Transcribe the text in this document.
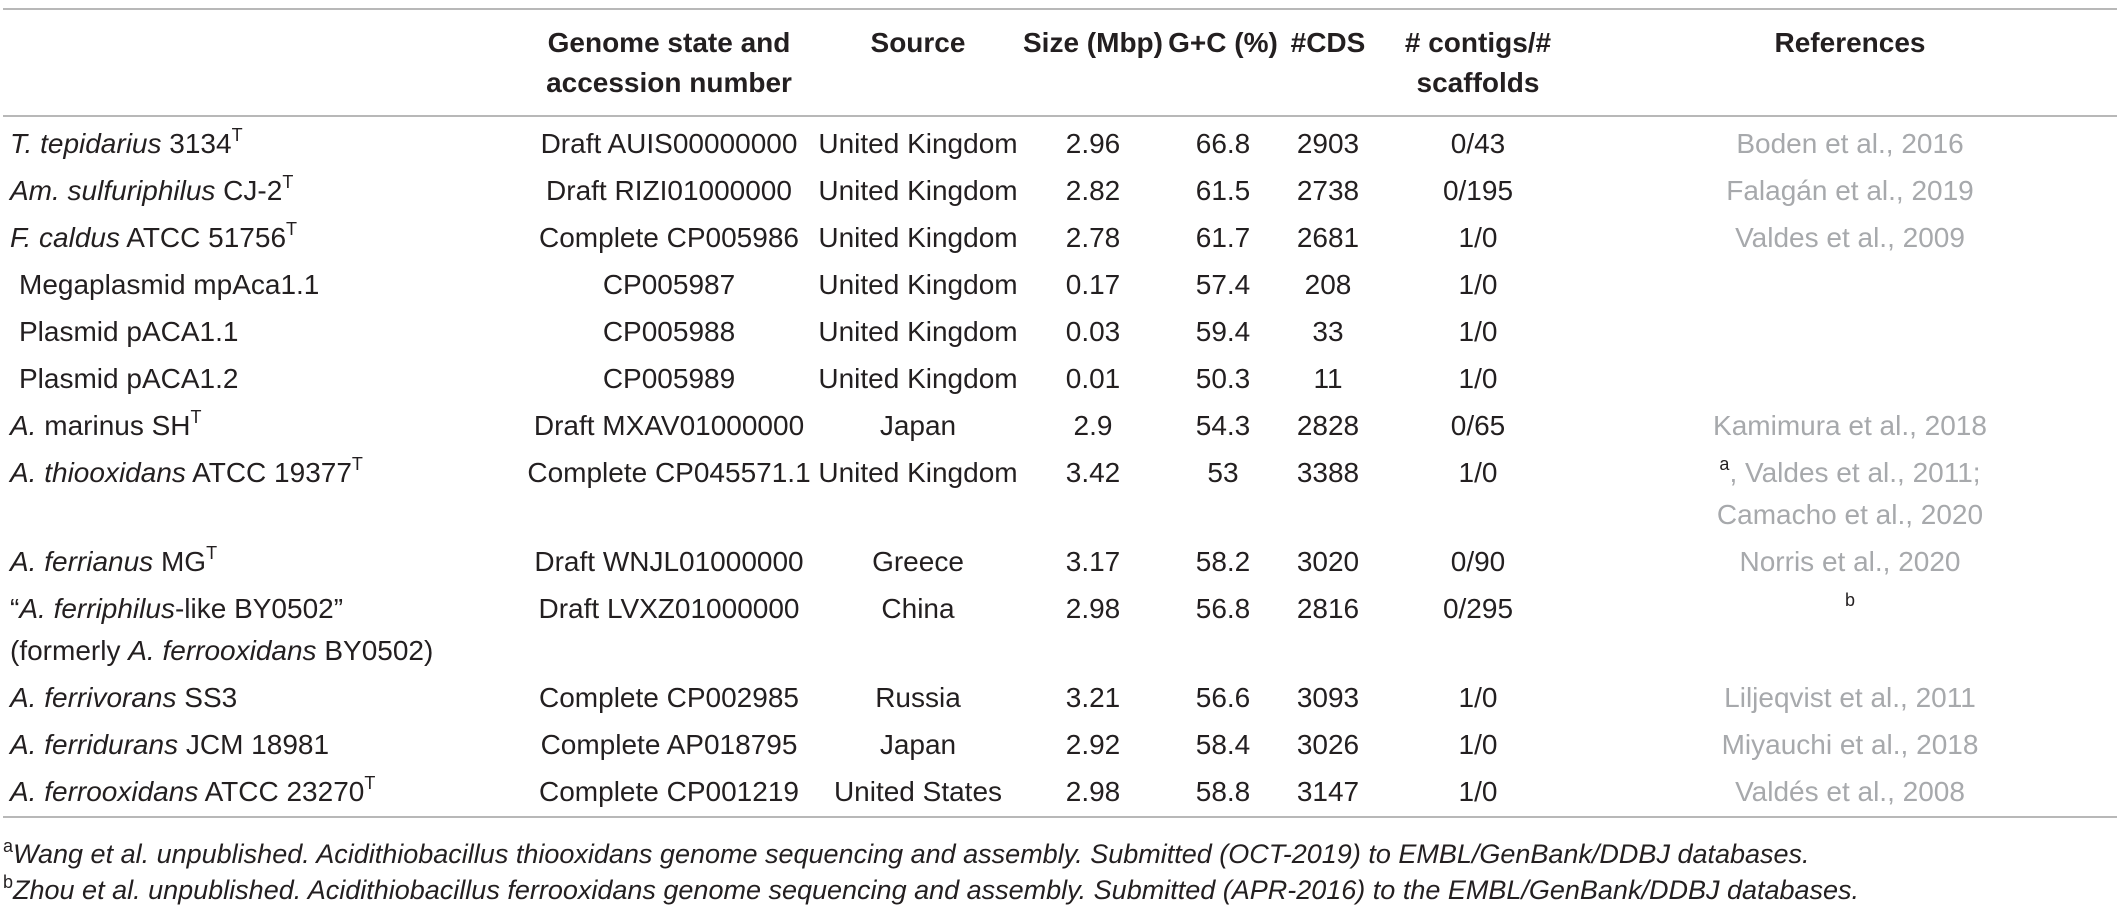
	Genome state and accession number	Source	Size (Mbp)	G+C (%)	#CDS	# contigs/# scaffolds	References
T. tepidarius $3134^T$	Draft AUIS00000000	United Kingdom	2.96	66.8	2903	0/43	Boden et al., 2016
Am. sulfuriphilus $CJ-2^T$	Draft RIZI01000000	United Kingdom	2.82	61.5	2738	0/195	Falagán et al., 2019
F. caldus ATCC $51756^T$	Complete CP005986	United Kingdom	2.78	61.7	2681	1/0	Valdes et al., 2009
Megaplasmid mpAca1.1	CP005987	United Kingdom	0.17	57.4	208	1/0	
Plasmid pACA1.1	CP005988	United Kingdom	0.03	59.4	33	1/0	
Plasmid pACA1.2	CP005989	United Kingdom	0.01	50.3	11	1/0	
A. marinus $SH^T$	Draft MXAV01000000	Japan	2.9	54.3	2828	0/65	Kamimura et al., 2018
A. thiooxidans ATCC $19377^T$	Complete CP045571.1	United Kingdom	3.42	53	3388	1/0	$^a$, Valdes et al., 2011;
Camacho et al., 2020
A. ferrianus $MG^T$	Draft WNJL01000000	Greece	3.17	58.2	3020	0/90	Norris et al., 2020
“A. ferriphilus-like BY0502”
(formerly A. ferrooxidans BY0502)	Draft LVXZ01000000	China	2.98	56.8	2816	0/295	$^b$
A. ferrivorans SS3	Complete CP002985	Russia	3.21	56.6	3093	1/0	Liljeqvist et al., 2011
A. ferridurans JCM 18981	Complete AP018795	Japan	2.92	58.4	3026	1/0	Miyauchi et al., 2018
A. ferrooxidans ATCC $23270^T$	Complete CP001219	United States	2.98	58.8	3147	1/0	Valdés et al., 2008
$^a$Wang et al. unpublished. Acidithiobacillus thiooxidans genome sequencing and assembly. Submitted (OCT-2019) to EMBL/GenBank/DDBJ databases.
$^b$Zhou et al. unpublished. Acidithiobacillus ferrooxidans genome sequencing and assembly. Submitted (APR-2016) to the EMBL/GenBank/DDBJ databases.
